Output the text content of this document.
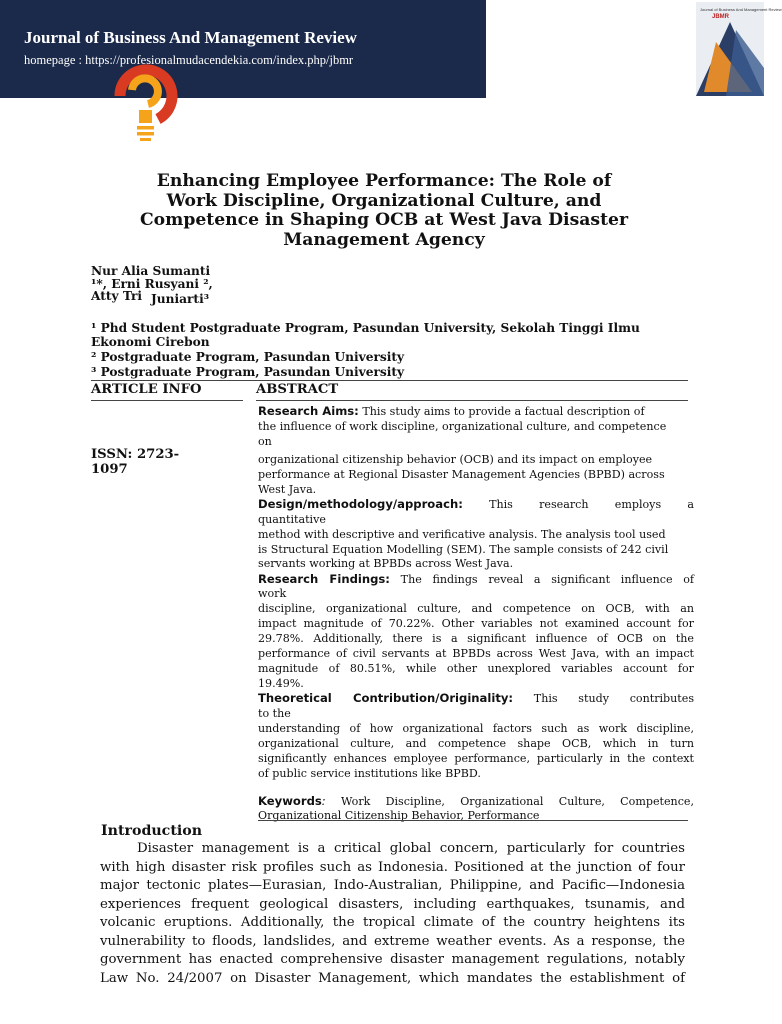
Journal of Business And Management Review
homepage : https://profesionalmudacendekia.com/index.php/jbmr
Journal of Business And Management Review
JBMR
Enhancing Employee Performance: The Role of
Work Discipline, Organizational Culture, and
Competence in Shaping OCB at West Java Disaster
Management Agency
Nur Alia Sumanti
¹*, Erni Rusyani ²,
Atty Tri Juniarti³
¹ Phd Student Postgraduate Program, Pasundan University, Sekolah Tinggi Ilmu
Ekonomi Cirebon
² Postgraduate Program, Pasundan University
³ Postgraduate Program, Pasundan University
ARTICLE INFO	ABSTRACT
ISSN: 2723-1097
Research Aims: This study aims to provide a factual description of
the influence of work discipline, organizational culture, and competence
on
organizational citizenship behavior (OCB) and its impact on employee
performance at Regional Disaster Management Agencies (BPBD) across
West Java.
Design/methodology/approach: This research employs a
quantitative
method with descriptive and verificative analysis. The analysis tool used
is Structural Equation Modelling (SEM). The sample consists of 242 civil
servants working at BPBDs across West Java.
Research Findings: The findings reveal a significant influence of
work
discipline, organizational culture, and competence on OCB, with an
impact magnitude of 70.22%. Other variables not examined account for
29.78%. Additionally, there is a significant influence of OCB on the
performance of civil servants at BPBDs across West Java, with an impact
magnitude of 80.51%, while other unexplored variables account for
19.49%.
Theoretical Contribution/Originality: This study contributes
to the
understanding of how organizational factors such as work discipline,
organizational culture, and competence shape OCB, which in turn
significantly enhances employee performance, particularly in the context
of public service institutions like BPBD.
Keywords: Work Discipline, Organizational Culture, Competence,
Organizational Citizenship Behavior, Performance
Introduction
Disaster management is a critical global concern, particularly for countries
with high disaster risk profiles such as Indonesia. Positioned at the junction of four
major tectonic plates—Eurasian, Indo-Australian, Philippine, and Pacific—Indonesia
experiences frequent geological disasters, including earthquakes, tsunamis, and
volcanic eruptions. Additionally, the tropical climate of the country heightens its
vulnerability to floods, landslides, and extreme weather events. As a response, the
government has enacted comprehensive disaster management regulations, notably
Law No. 24/2007 on Disaster Management, which mandates the establishment of
